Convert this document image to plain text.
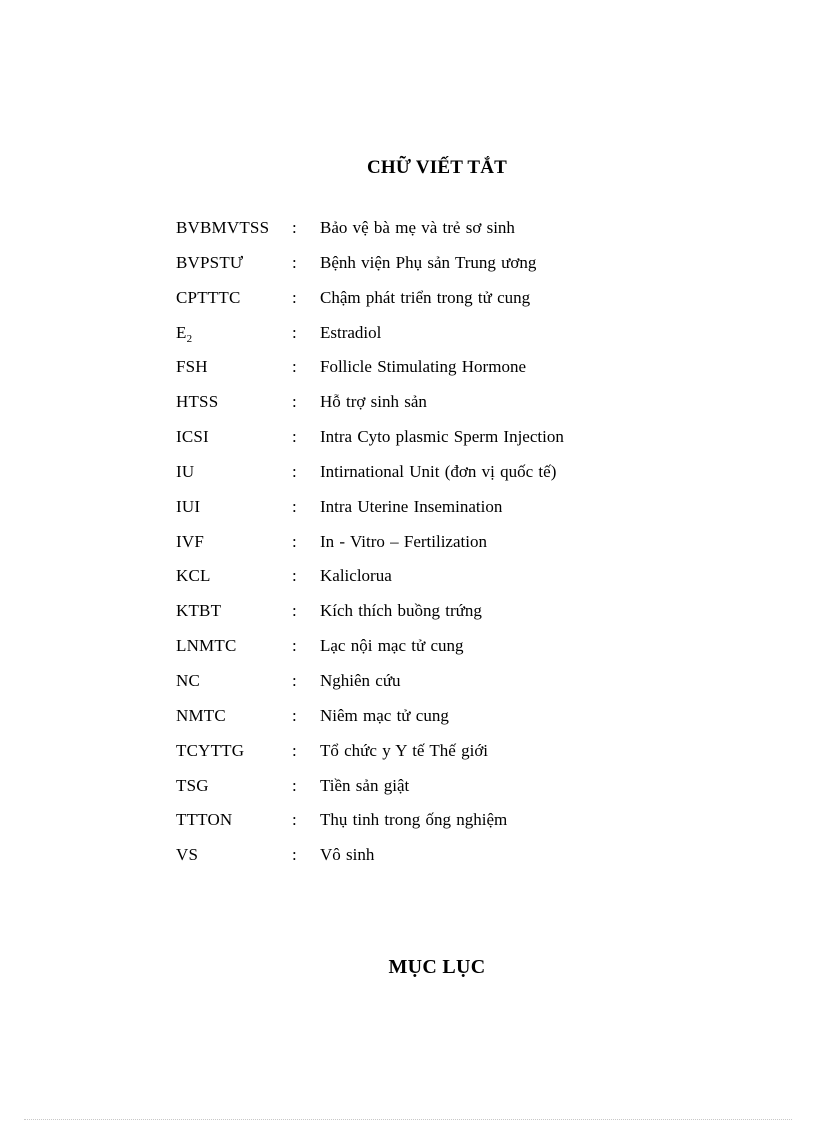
CHỮ VIẾT TẮT
BVBMVTSS	:	Bảo vệ bà mẹ và trẻ sơ sinh
BVPSTƯ	:	Bệnh viện Phụ sản Trung ương
CPTTTC	:	Chậm phát triển trong tử cung
$E_2$	:	Estradiol
FSH	:	Follicle Stimulating Hormone
HTSS	:	Hỗ trợ sinh sản
ICSI	:	Intra Cyto plasmic Sperm Injection
IU	:	Intirnational Unit (đơn vị quốc tế)
IUI	:	Intra Uterine Insemination
IVF	:	In - Vitro – Fertilization
KCL	:	Kaliclorua
KTBT	:	Kích thích buồng trứng
LNMTC	:	Lạc nội mạc tử cung
NC	:	Nghiên cứu
NMTC	:	Niêm mạc tử cung
TCYTTG	:	Tổ chức y Y tế Thế giới
TSG	:	Tiền sản giật
TTTON	:	Thụ tinh trong ống nghiệm
VS	:	Vô sinh
MỤC LỤC
